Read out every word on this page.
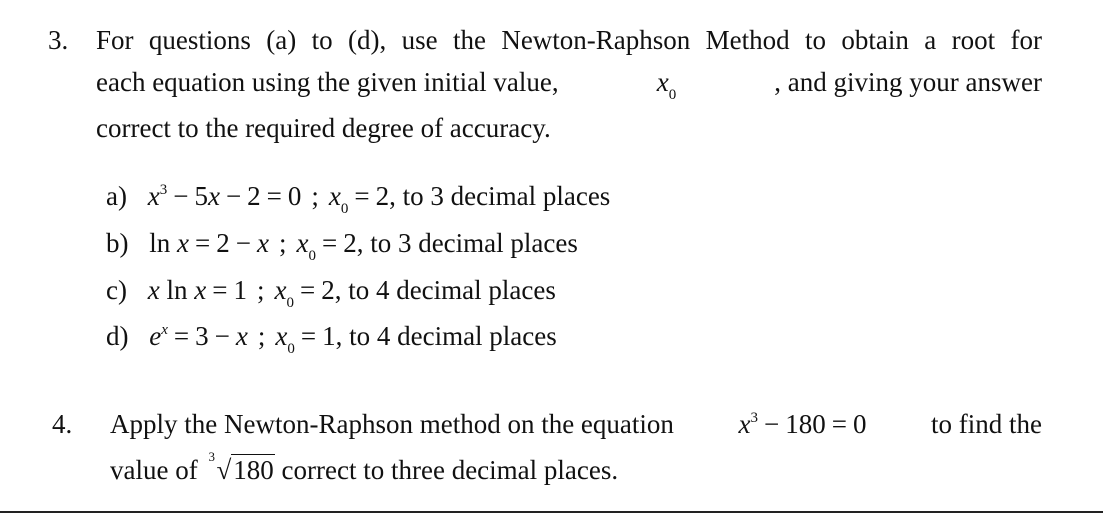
3. For questions (a) to (d), use the Newton-Raphson Method to obtain a root for
each equation using the given initial value,	$x_0$	, and giving your answer
correct to the required degree of accuracy.
a) $x^3 - 5x - 2 = 0$ ; $x_0 = 2$, to 3 decimal places
b) ln x = 2 − x ; $x_0 = 2$, to 3 decimal places
c) x ln x = 1 ; $x_0 = 2$, to 4 decimal places
d) $e^x = 3 - x$ ; $x_0 = 1$, to 4 decimal places
4. Apply the Newton-Raphson method on the equation $x^3 - 180 = 0$ to find the
value of 3 √180 correct to three decimal places.
